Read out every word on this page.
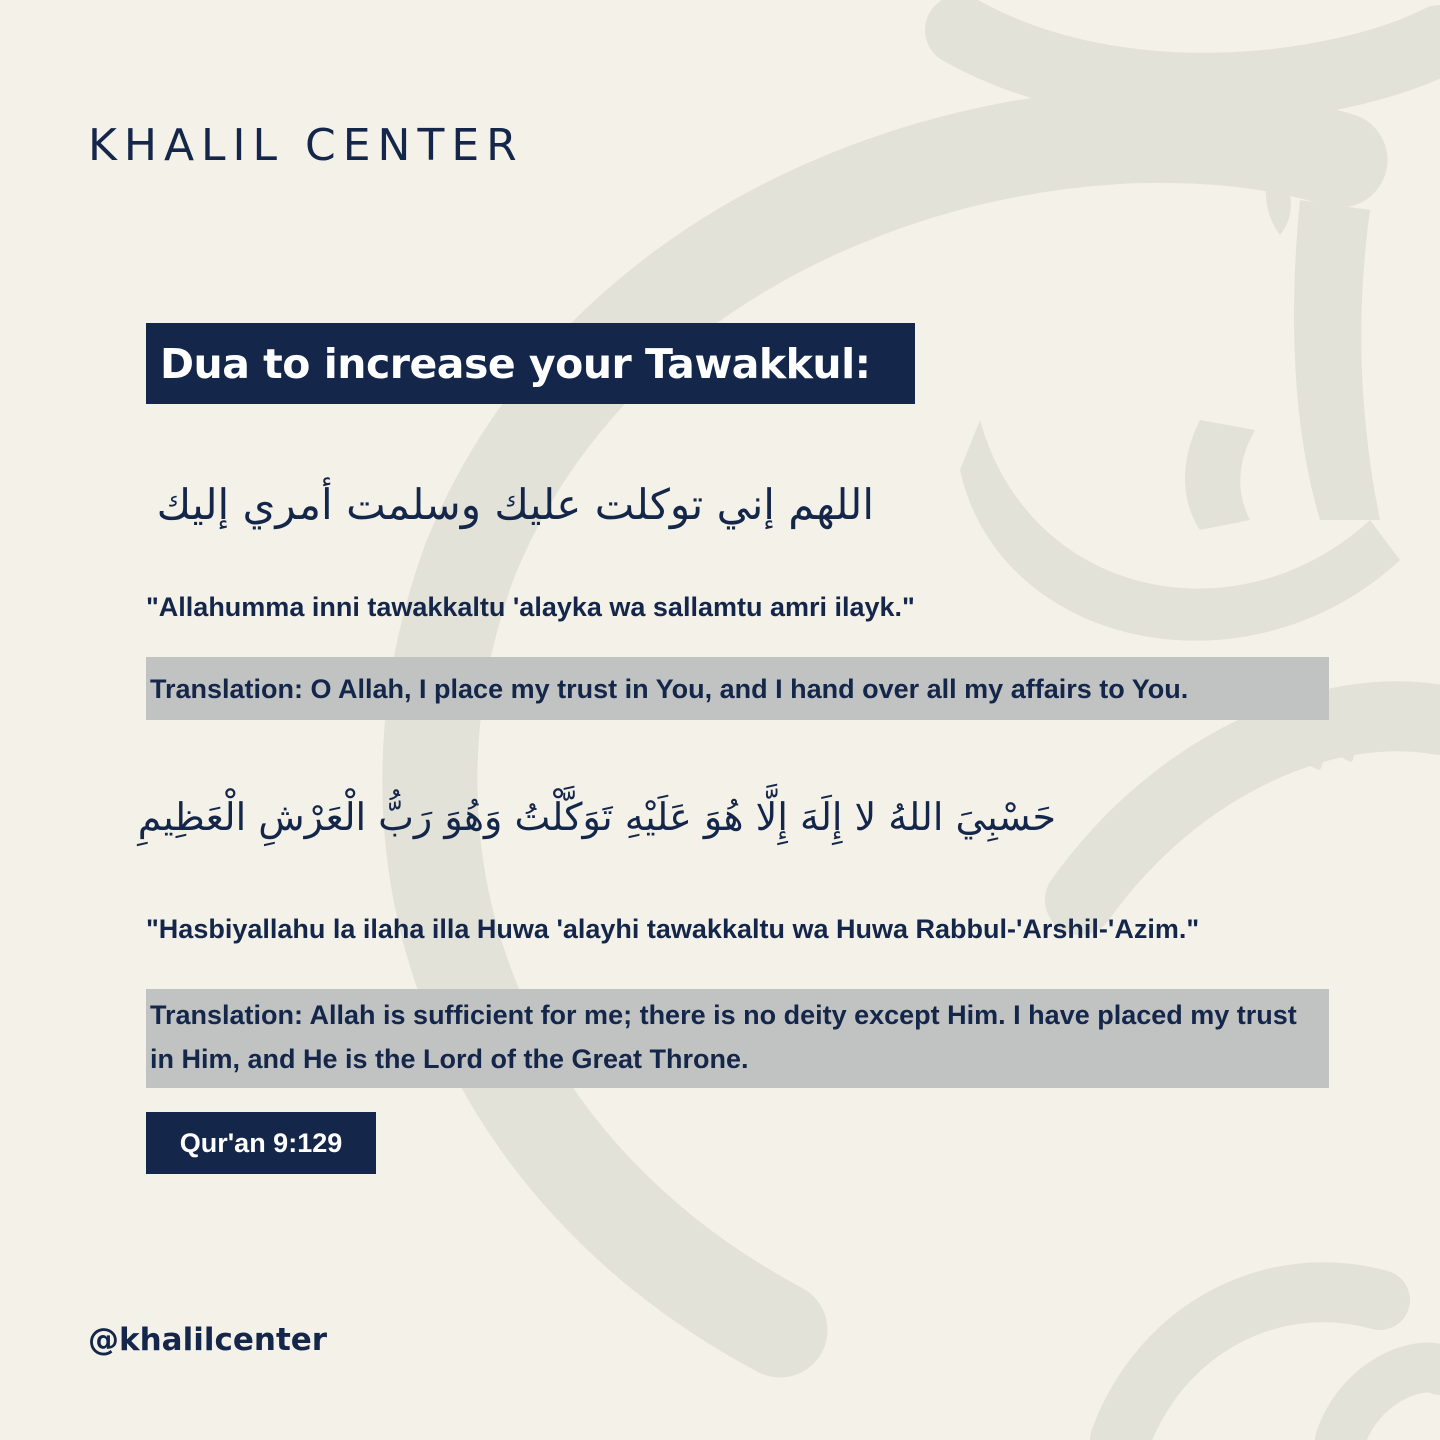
KHALIL CENTER
Dua to increase your Tawakkul:
اللهم إني توكلت عليك وسلمت أمري إليك
"Allahumma inni tawakkaltu 'alayka wa sallamtu amri ilayk."
Translation: O Allah, I place my trust in You, and I hand over all my affairs to You.
حَسْبِيَ اللهُ لا إِلَهَ إِلَّا هُوَ عَلَيْهِ تَوَكَّلْتُ وَهُوَ رَبُّ الْعَرْشِ الْعَظِيمِ
"Hasbiyallahu la ilaha illa Huwa 'alayhi tawakkaltu wa Huwa Rabbul-'Arshil-'Azim."
Translation: Allah is sufficient for me; there is no deity except Him. I have placed my trust in Him, and He is the Lord of the Great Throne.
Qur'an 9:129
@khalilcenter
